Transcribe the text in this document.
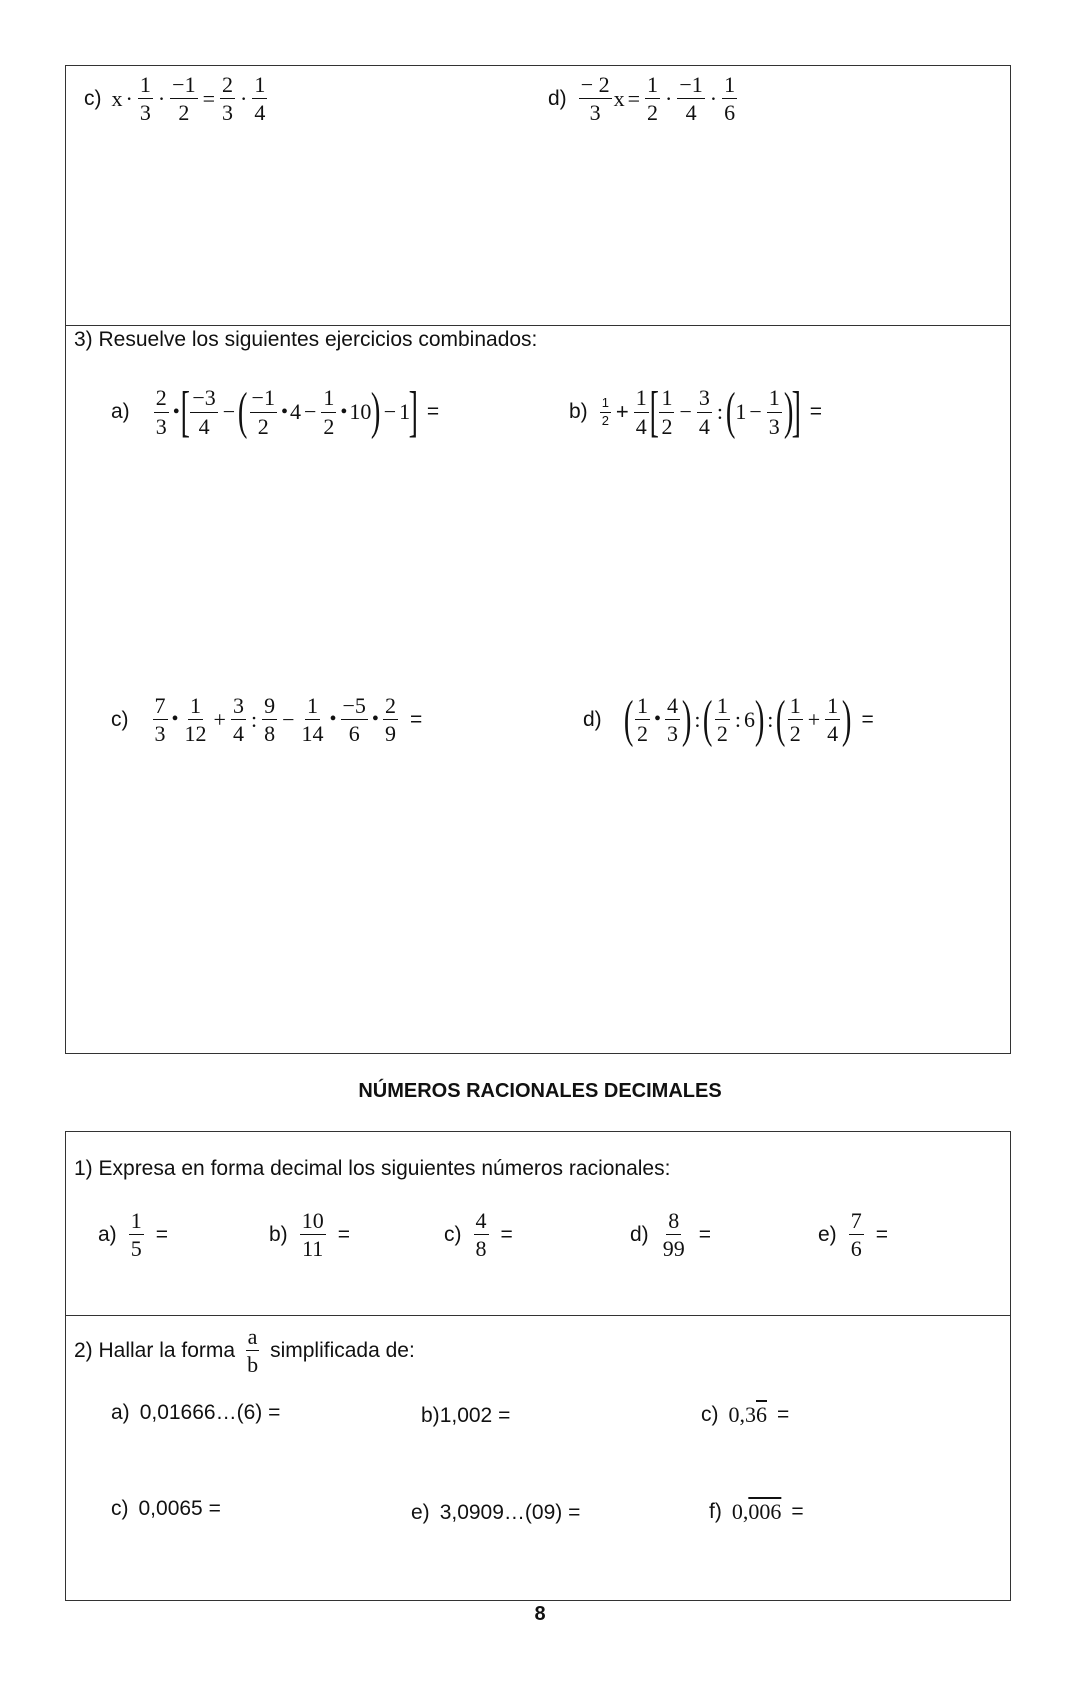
c) $x \cdot \frac{1}{3} \cdot \frac{-1}{2} = \frac{2}{3} \cdot \frac{1}{4}$	$d) \frac{- 2}{3}$ $x = \frac{1}{2} \cdot \frac{-1}{4} \cdot \frac{1}{6}$
3) Resuelve los siguientes ejercicios combinados:
$a) \frac{2}{3}$ • [ $\frac{-3}{4}$ − ( $\frac{-1}{2}$ • $4 - \frac{1}{2}$ • 10 ) − 1
] =	$b) \frac{1}{2} + \frac{1}{4}$ [ $\frac{1}{2} - \frac{3}{4}$ : ( $1 - \frac{1}{3}$ )
] =
$c) \frac{7}{3}$ • $\frac{1}{12} + \frac{3}{4}$ : $\frac{9}{8} - \frac{1}{14}$ • $\frac{-5}{6}$ • $\frac{2}{9}$ =	d) ( $\frac{1}{2}$ • $\frac{4}{3}$ ) : ( $\frac{1}{2}$ : 6 ) : ( $\frac{1}{2} + \frac{1}{4}$ ) =
NÚMEROS RACIONALES DECIMALES
1) Expresa en forma decimal los siguientes números racionales:
$a) \frac{1}{5}$ =	$b) \frac{10}{11}$ =	$c) \frac{4}{8}$ =	$d) \frac{8}{99}$ =	$e) \frac{7}{6}$ =
2) Hallar la forma $\frac{a}{b}$ simplificada de:
a) 0,01666…(6) =	b) 1,002 =	c) 0,3 6 =
c) 0,0065 =	e) 3,0909…(09) =	f) 0, 006 =
8
